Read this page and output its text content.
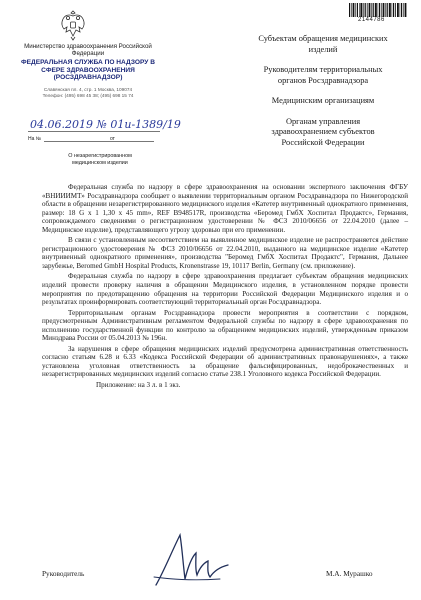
2144786
Министерство здравоохранения Российской Федерации
ФЕДЕРАЛЬНАЯ СЛУЖБА ПО НАДЗОРУ В СФЕРЕ ЗДРАВООХРАНЕНИЯ (РОСЗДРАВНАДЗОР)
Славянская пл. 4, стр. 1 Москва, 109074
Телефон: (495) 698 45 38; (495) 698 15 74
04.06.2019 № 01и-1389/19
На №	от
О незарегистрированном медицинском изделии
Субъектам обращения медицинских изделий
Руководителям территориальных органов Росздравнадзора
Медицинским организациям
Органам управления здравоохранением субъектов Российской Федерации

Федеральная служба по надзору в сфере здравоохранения на основании экспертного заключения ФГБУ «ВНИИИМТ» Росздравнадзора сообщает о выявлении территориальным органом Росздравнадзора по Нижегородской области в обращении незарегистрированного медицинского изделия «Катетер внутривенный однократного применения, размер: 18 G x 1 1,30 x 45 mm», REF B948517R, производства «Беромед ГмбХ Хоспитал Продактс», Германия, сопровождаемого сведениями о регистрационном удостоверении № ФСЗ 2010/06656 от 22.04.2010 (далее – Медицинское изделие), представляющего угрозу здоровью при его применении.

В связи с установленным несоответствием на выявленное медицинское изделие не распространяется действие регистрационного удостоверения № ФСЗ 2010/06656 от 22.04.2010, выданного на медицинское изделие «Катетер внутривенный однократного применения», производства "Беромед ГмбХ Хоспитал Продактс", Германия, Дальнее зарубежье, Beromed GmbH Hospital Products, Kronenstrasse 19, 10117 Berlin, Germany (см. приложение).

Федеральная служба по надзору в сфере здравоохранения предлагает субъектам обращения медицинских изделий провести проверку наличия в обращении Медицинского изделия, в установленном порядке провести мероприятия по предотвращению обращения на территории Российской Федерации Медицинского изделия и о результатах проинформировать соответствующий территориальный орган Росздравнадзора.

Территориальным органам Росздравнадзора провести мероприятия в соответствии с порядком, предусмотренным Административным регламентом Федеральной службы по надзору в сфере здравоохранения по исполнению государственной функции по контролю за обращением медицинских изделий, утвержденным приказом Минздрава России от 05.04.2013 № 196н.

За нарушения в сфере обращения медицинских изделий предусмотрена административная ответственность согласно статьям 6.28 и 6.33 «Кодекса Российской Федерации об административных правонарушениях», а также установлена уголовная ответственность за обращение фальсифицированных, недоброкачественных и незарегистрированных медицинских изделий согласно статье 238.1 Уголовного кодекса Российской Федерации.

Приложение: на 3 л. в 1 экз.

Руководитель	М.А. Мурашко
